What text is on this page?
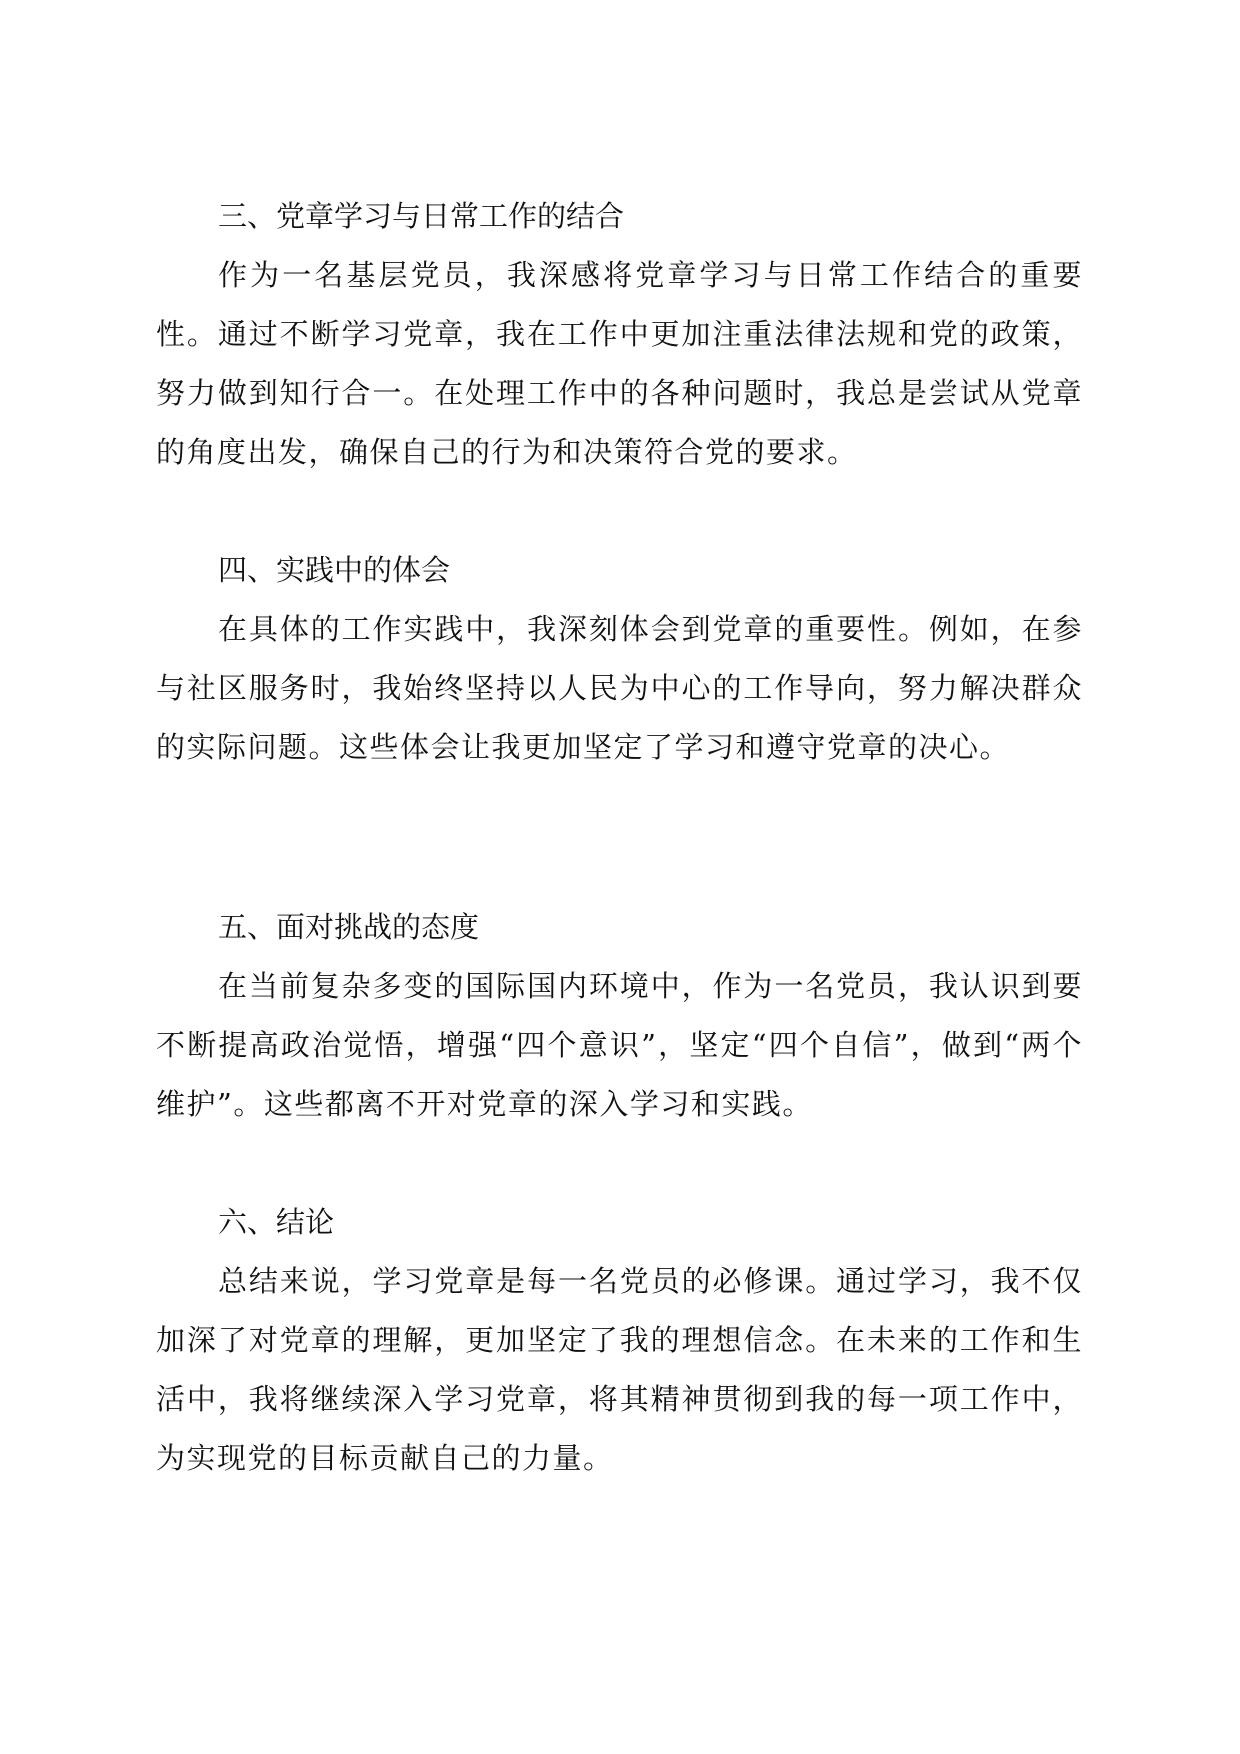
三、党章学习与日常工作的结合

作为一名基层党员，我深感将党章学习与日常工作结合的重要性。通过不断学习党章，我在工作中更加注重法律法规和党的政策，努力做到知行合一。在处理工作中的各种问题时，我总是尝试从党章的角度出发，确保自己的行为和决策符合党的要求。

四、实践中的体会

在具体的工作实践中，我深刻体会到党章的重要性。例如，在参与社区服务时，我始终坚持以人民为中心的工作导向，努力解决群众的实际问题。这些体会让我更加坚定了学习和遵守党章的决心。

五、面对挑战的态度

在当前复杂多变的国际国内环境中，作为一名党员，我认识到要不断提高政治觉悟，增强“四个意识”，坚定“四个自信”，做到“两个维护”。这些都离不开对党章的深入学习和实践。

六、结论

总结来说，学习党章是每一名党员的必修课。通过学习，我不仅加深了对党章的理解，更加坚定了我的理想信念。在未来的工作和生活中，我将继续深入学习党章，将其精神贯彻到我的每一项工作中，为实现党的目标贡献自己的力量。
